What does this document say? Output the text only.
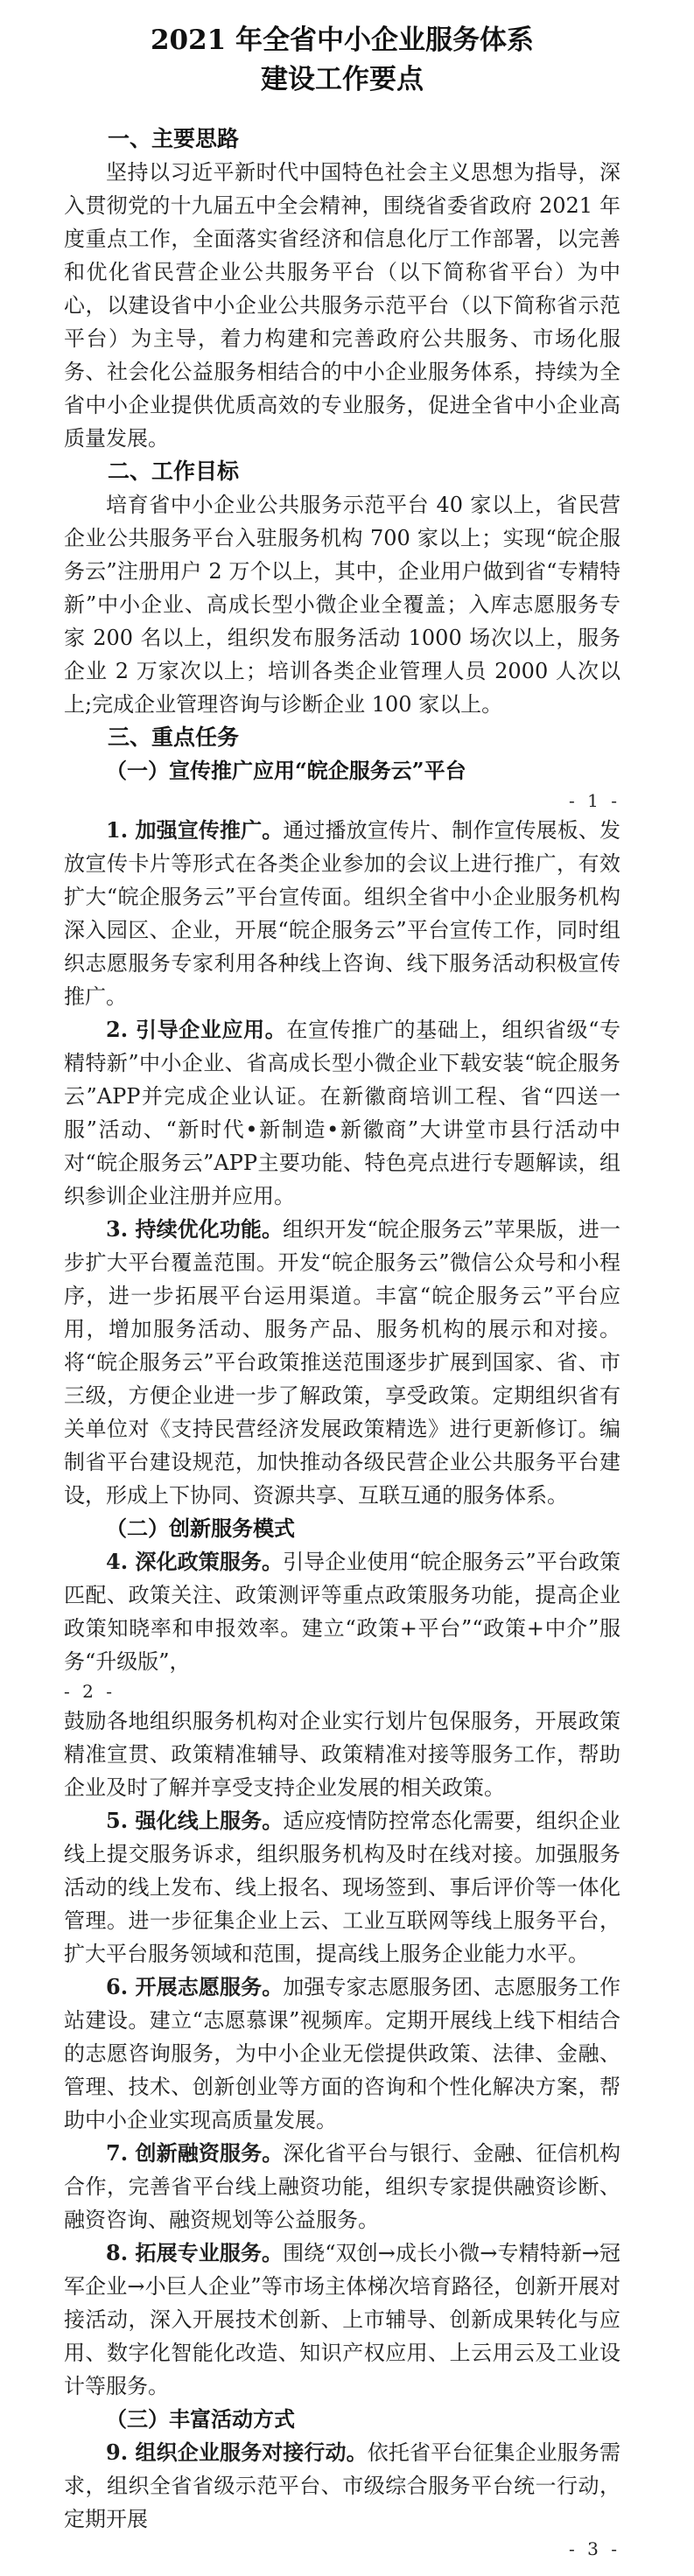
2021 年全省中小企业服务体系
建设工作要点
一、主要思路
坚持以习近平新时代中国特色社会主义思想为指导，深入贯彻党的十九届五中全会精神，围绕省委省政府 2021 年度重点工作，全面落实省经济和信息化厅工作部署，以完善和优化省民营企业公共服务平台（以下简称省平台）为中心，以建设省中小企业公共服务示范平台（以下简称省示范平台）为主导，着力构建和完善政府公共服务、市场化服务、社会化公益服务相结合的中小企业服务体系，持续为全省中小企业提供优质高效的专业服务，促进全省中小企业高质量发展。
二、工作目标
培育省中小企业公共服务示范平台 40 家以上，省民营企业公共服务平台入驻服务机构 700 家以上；实现“皖企服务云”注册用户 2 万个以上，其中，企业用户做到省“专精特新”中小企业、高成长型小微企业全覆盖；入库志愿服务专家 200 名以上，组织发布服务活动 1000 场次以上，服务企业 2 万家次以上；培训各类企业管理人员 2000 人次以上;完成企业管理咨询与诊断企业 100 家以上。
三、重点任务
（一）宣传推广应用“皖企服务云”平台
- 1 -
1. 加强宣传推广。通过播放宣传片、制作宣传展板、发放宣传卡片等形式在各类企业参加的会议上进行推广，有效扩大“皖企服务云”平台宣传面。组织全省中小企业服务机构深入园区、企业，开展“皖企服务云”平台宣传工作，同时组织志愿服务专家利用各种线上咨询、线下服务活动积极宣传推广。
2. 引导企业应用。在宣传推广的基础上，组织省级“专精特新”中小企业、省高成长型小微企业下载安装“皖企服务云”APP并完成企业认证。在新徽商培训工程、省“四送一服”活动、“新时代•新制造•新徽商”大讲堂市县行活动中对“皖企服务云”APP主要功能、特色亮点进行专题解读，组织参训企业注册并应用。
3. 持续优化功能。组织开发“皖企服务云”苹果版，进一步扩大平台覆盖范围。开发“皖企服务云”微信公众号和小程序，进一步拓展平台运用渠道。丰富“皖企服务云”平台应用，增加服务活动、服务产品、服务机构的展示和对接。将“皖企服务云”平台政策推送范围逐步扩展到国家、省、市三级，方便企业进一步了解政策，享受政策。定期组织省有关单位对《支持民营经济发展政策精选》进行更新修订。编制省平台建设规范，加快推动各级民营企业公共服务平台建设，形成上下协同、资源共享、互联互通的服务体系。
（二）创新服务模式
4. 深化政策服务。引导企业使用“皖企服务云”平台政策匹配、政策关注、政策测评等重点政策服务功能，提高企业政策知晓率和申报效率。建立“政策+平台”“政策+中介”服务“升级版”，
- 2 -
鼓励各地组织服务机构对企业实行划片包保服务，开展政策精准宣贯、政策精准辅导、政策精准对接等服务工作，帮助企业及时了解并享受支持企业发展的相关政策。
5. 强化线上服务。适应疫情防控常态化需要，组织企业线上提交服务诉求，组织服务机构及时在线对接。加强服务活动的线上发布、线上报名、现场签到、事后评价等一体化管理。进一步征集企业上云、工业互联网等线上服务平台，扩大平台服务领域和范围，提高线上服务企业能力水平。
6. 开展志愿服务。加强专家志愿服务团、志愿服务工作站建设。建立“志愿慕课”视频库。定期开展线上线下相结合的志愿咨询服务，为中小企业无偿提供政策、法律、金融、管理、技术、创新创业等方面的咨询和个性化解决方案，帮助中小企业实现高质量发展。
7. 创新融资服务。深化省平台与银行、金融、征信机构合作，完善省平台线上融资功能，组织专家提供融资诊断、融资咨询、融资规划等公益服务。
8. 拓展专业服务。围绕“双创→成长小微→专精特新→冠军企业→小巨人企业”等市场主体梯次培育路径，创新开展对接活动，深入开展技术创新、上市辅导、创新成果转化与应用、数字化智能化改造、知识产权应用、上云用云及工业设计等服务。
（三）丰富活动方式
9. 组织企业服务对接行动。依托省平台征集企业服务需求，组织全省省级示范平台、市级综合服务平台统一行动，定期开展
- 3 -
